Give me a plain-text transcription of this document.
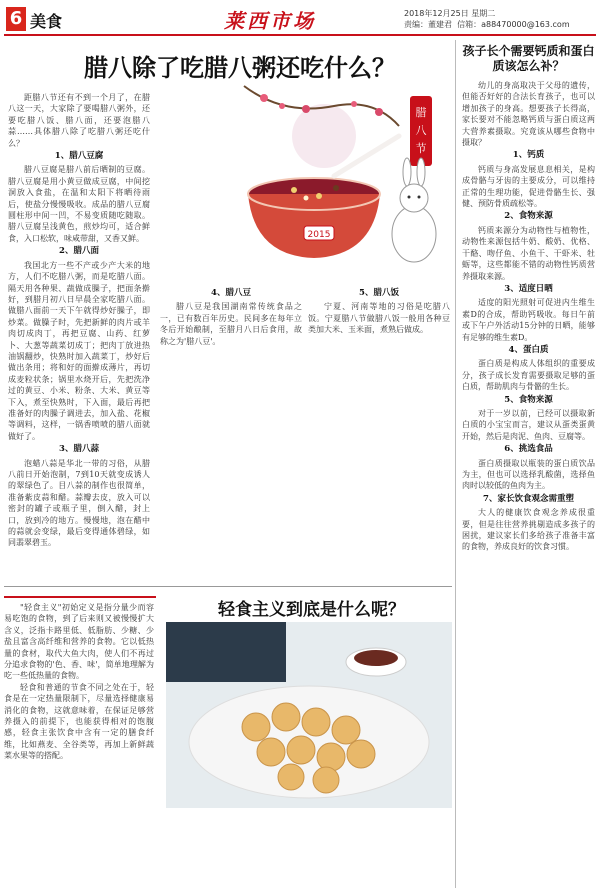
6 美食	莱西市场	2018年12月25日 星期二
责编：董建君 信箱：a88470000@163.com
腊八除了吃腊八粥还吃什么？

距腊八节还有不到一个月了，在腊八这一天，大家除了要喝腊八粥外，还要吃腊八饭、腊八面，还要泡腊八蒜……具体腊八除了吃腊八粥还吃什么？

1、腊八豆腐

腊八豆腐是腊八前后晒制的豆腐。腊八豆腐是用小黄豆做成豆腐，中间挖洞放入食盐，在温和太阳下将晒待雨后，使盐分慢慢吸收。成品的腊八豆腐圆柱形中间一凹，不易变质随吃随取。腊八豆腐呈浅黄色，煎炒均可，适合鲜食，入口松软，味咸带甜，又香又鲜。

2、腊八面

我国北方一些不产或少产大米的地方，人们不吃腊八粥，而是吃腊八面。隔天用各种果、蔬做成臊子，把面条擀好，到腊月初八日早晨全家吃腊八面。做腊八面前一天下午就得炒好臊子，即炒菜。做臊子时，先把新鲜的肉片或羊肉切成肉丁，再把豆腐、山药、红萝卜、大葱等蔬菜切成丁；把肉丁放进热油锅翻炒，快熟时加入蔬菜丁，炒好后做出条用；将和好的面擀成薄片，再切成麦粒状条；锅里水烧开后，先把洗净过的黄豆、小米、粉条、大米、黄豆等下入，煮至快熟时，下入面，最后再把准备好的肉臊子调进去，加入盐、花椒等调料，这样，一锅香喷喷的腊八面就做好了。

3、腊八蒜

泡蜡八蒜是华北一带的习俗，从腊八前日开始泡制，7到10天就变成诱人的翠绿色了。目八蒜的制作也很简单，准备紫皮蒜和醋。蒜瓣去皮，放入可以密封的罐子或瓶子里，倒入醋，封上口，放到冷的地方。慢慢地，泡在醋中的蒜就会变绿，最后变得通体碧绿，如同翡翠碧玉。

腊
八
节
2015
4、腊八豆

腊八豆是我国湖南常传统食品之一，已有数百年历史。民间多在每年立冬后开始酿制，至腊月八日后食用，故称之为'腊八豆'。

5、腊八饭

宁夏、河南等地的习俗是吃腊八饭。宁夏腊八节做腊八饭一般用各种豆类加大米、玉米面，煮熟后做成。

孩子长个需要钙质和蛋白质该怎么补？

幼儿的身高取决于父母的遗传，但能否好好的合法长育孩子，也可以增加孩子的身高。想要孩子长得高，家长要对不能忽略钙质与蛋白质这两大营养素摄取。究竟该从哪些食物中摄取？

1、钙质

钙质与身高发展息息相关，是构成骨骼与牙齿的主要成分，可以维持正常的生理功能，促进骨骼生长、强健、预防骨质疏松等。

2、食物来源

钙质来源分为动物性与植物性，动物性来源包括牛奶、酸奶、优格、干酪、吻仔鱼、小鱼干、干虾米、牡蛎等，这些都能不错的动物性钙质营养摄取来源。

3、适度日晒

适度的阳光照射可促进内生维生素D的合成，帮助钙吸收。每日午前或下午户外活动15分钟的日晒，能够有足够的维生素D。

4、蛋白质

蛋白质是构成人体组织的重要成分，孩子成长发育需要摄取足够的蛋白质，帮助肌肉与骨骼的生长。

5、食物来源

对于一岁以前，已经可以摄取新白质的小宝宝而言，建议从蛋类蛋黄开始，然后是肉泥、鱼肉、豆腐等。

6、挑选食品

蛋白质摄取以瓶装的蛋白质饮品为主，但也可以选择乳酸菌，选择鱼肉时以较低的鱼肉为主。

7、家长饮食观念需重塑

大人的健康饮食观念养成很重要，但是往往营养挑剔造成多孩子的困扰，建议家长们多给孩子准备丰富的食物，养成良好的饮食习惯。

轻食主义到底是什么呢？

"轻食主义"初始定义是指分量少而容易吃饱的食物，到了后来则又被慢慢扩大含义，泛指卡路里低、低脂肪、少糖、少盐且富含高纤维和营养的食物。它以低热量的食材，取代大鱼大肉，使人们不再过分追求食物的'色、香、味'，简单地理解为吃一些低热量的食物。

轻食和普通的节食不同之处在于，轻食是在一定热量限制下，尽量选择健康易消化的食物，这就意味着，在保证足够营养摄入的前提下，也能获得相对的饱腹感，轻食主张饮食中含有一定的膳食纤维，比如燕麦、全谷类等，再加上新鲜蔬菜水果等的搭配。
